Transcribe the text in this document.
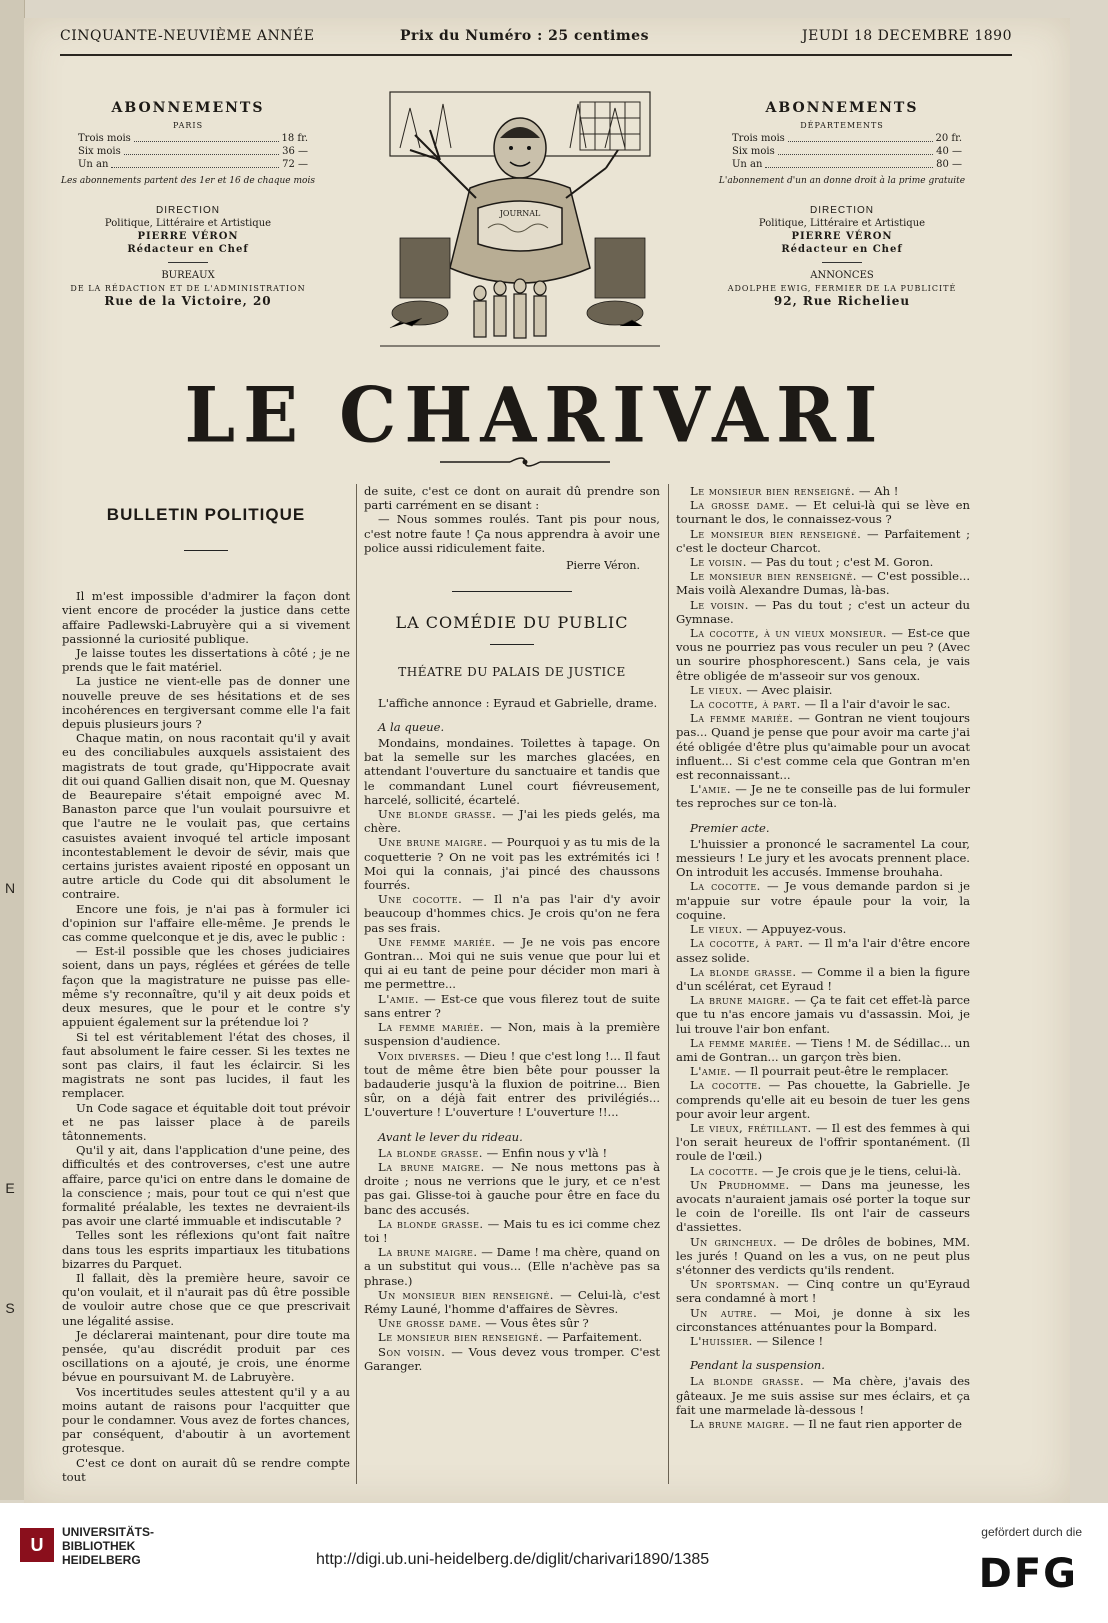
N
E
S
CINQUANTE-NEUVIÈME ANNÉE	Prix du Numéro : 25 centimes	JEUDI 18 DECEMBRE 1890
ABONNEMENTS
PARIS
Trois mois	18 fr.
Six mois	36 —
Un an	72 —
Les abonnements partent des 1er et 16 de chaque mois
DIRECTION
Politique, Littéraire et Artistique
PIERRE VÉRON
Rédacteur en Chef
BUREAUX
DE LA RÉDACTION ET DE L'ADMINISTRATION
Rue de la Victoire, 20
ABONNEMENTS
DÉPARTEMENTS
Trois mois	20 fr.
Six mois	40 —
Un an	80 —
L'abonnement d'un an donne droit à la prime gratuite
DIRECTION
Politique, Littéraire et Artistique
PIERRE VÉRON
Rédacteur en Chef
ANNONCES
ADOLPHE EWIG, FERMIER DE LA PUBLICITÉ
92, Rue Richelieu
JOURNAL
LE CHARIVARI
BULLETIN POLITIQUE

Il m'est impossible d'admirer la façon dont vient encore de procéder la justice dans cette affaire Padlewski-Labruyère qui a si vivement passionné la curiosité publique.

Je laisse toutes les dissertations à côté ; je ne prends que le fait matériel.

La justice ne vient-elle pas de donner une nouvelle preuve de ses hésitations et de ses incohérences en tergiversant comme elle l'a fait depuis plusieurs jours ?

Chaque matin, on nous racontait qu'il y avait eu des conciliabules auxquels assistaient des magistrats de tout grade, qu'Hippocrate avait dit oui quand Gallien disait non, que M. Quesnay de Beaurepaire s'était empoigné avec M. Banaston parce que l'un voulait poursuivre et que l'autre ne le voulait pas, que certains casuistes avaient invoqué tel article imposant incontestablement le devoir de sévir, mais que certains juristes avaient riposté en opposant un autre article du Code qui dit absolument le contraire.

Encore une fois, je n'ai pas à formuler ici d'opinion sur l'affaire elle-même. Je prends le cas comme quelconque et je dis, avec le public :

— Est-il possible que les choses judiciaires soient, dans un pays, réglées et gérées de telle façon que la magistrature ne puisse pas elle-même s'y reconnaître, qu'il y ait deux poids et deux mesures, que le pour et le contre s'y appuient également sur la prétendue loi ?

Si tel est véritablement l'état des choses, il faut absolument le faire cesser. Si les textes ne sont pas clairs, il faut les éclaircir. Si les magistrats ne sont pas lucides, il faut les remplacer.

Un Code sagace et équitable doit tout prévoir et ne pas laisser place à de pareils tâtonnements.

Qu'il y ait, dans l'application d'une peine, des difficultés et des controverses, c'est une autre affaire, parce qu'ici on entre dans le domaine de la conscience ; mais, pour tout ce qui n'est que formalité préalable, les textes ne devraient-ils pas avoir une clarté immuable et indiscutable ?

Telles sont les réflexions qu'ont fait naître dans tous les esprits impartiaux les titubations bizarres du Parquet.

Il fallait, dès la première heure, savoir ce qu'on voulait, et il n'aurait pas dû être possible de vouloir autre chose que ce que prescrivait une légalité assise.

Je déclarerai maintenant, pour dire toute ma pensée, qu'au discrédit produit par ces oscillations on a ajouté, je crois, une énorme bévue en poursuivant M. de Labruyère.

Vos incertitudes seules attestent qu'il y a au moins autant de raisons pour l'acquitter que pour le condamner. Vous avez de fortes chances, par conséquent, d'aboutir à un avortement grotesque.

C'est ce dont on aurait dû se rendre compte tout

de suite, c'est ce dont on aurait dû prendre son parti carrément en se disant :

— Nous sommes roulés. Tant pis pour nous, c'est notre faute ! Ça nous apprendra à avoir une police aussi ridiculement faite.

Pierre Véron.
LA COMÉDIE DU PUBLIC
THÉATRE DU PALAIS DE JUSTICE

L'affiche annonce : Eyraud et Gabrielle, drame.

A la queue.

Mondains, mondaines. Toilettes à tapage. On bat la semelle sur les marches glacées, en attendant l'ouverture du sanctuaire et tandis que le commandant Lunel court fiévreusement, harcelé, sollicité, écartelé.

Une blonde grasse. — J'ai les pieds gelés, ma chère.

Une brune maigre. — Pourquoi y as tu mis de la coquetterie ? On ne voit pas les extrémités ici ! Moi qui la connais, j'ai pincé des chaussons fourrés.

Une cocotte. — Il n'a pas l'air d'y avoir beaucoup d'hommes chics. Je crois qu'on ne fera pas ses frais.

Une femme mariée. — Je ne vois pas encore Gontran... Moi qui ne suis venue que pour lui et qui ai eu tant de peine pour décider mon mari à me permettre...

L'amie. — Est-ce que vous filerez tout de suite sans entrer ?

La femme mariée. — Non, mais à la première suspension d'audience.

Voix diverses. — Dieu ! que c'est long !... Il faut tout de même être bien bête pour pousser la badauderie jusqu'à la fluxion de poitrine... Bien sûr, on a déjà fait entrer des privilégiés... L'ouverture ! L'ouverture ! L'ouverture !!...

Avant le lever du rideau.

La blonde grasse. — Enfin nous y v'là !

La brune maigre. — Ne nous mettons pas à droite ; nous ne verrions que le jury, et ce n'est pas gai. Glisse-toi à gauche pour être en face du banc des accusés.

La blonde grasse. — Mais tu es ici comme chez toi !

La brune maigre. — Dame ! ma chère, quand on a un substitut qui vous... (Elle n'achève pas sa phrase.)

Un monsieur bien renseigné. — Celui-là, c'est Rémy Launé, l'homme d'affaires de Sèvres.

Une grosse dame. — Vous êtes sûr ?

Le monsieur bien renseigné. — Parfaitement.

Son voisin. — Vous devez vous tromper. C'est Garanger.

Le monsieur bien renseigné. — Ah !

La grosse dame. — Et celui-là qui se lève en tournant le dos, le connaissez-vous ?

Le monsieur bien renseigné. — Parfaitement ; c'est le docteur Charcot.

Le voisin. — Pas du tout ; c'est M. Goron.

Le monsieur bien renseigné. — C'est possible... Mais voilà Alexandre Dumas, là-bas.

Le voisin. — Pas du tout ; c'est un acteur du Gymnase.

La cocotte, à un vieux monsieur. — Est-ce que vous ne pourriez pas vous reculer un peu ? (Avec un sourire phosphorescent.) Sans cela, je vais être obligée de m'asseoir sur vos genoux.

Le vieux. — Avec plaisir.

La cocotte, à part. — Il a l'air d'avoir le sac.

La femme mariée. — Gontran ne vient toujours pas... Quand je pense que pour avoir ma carte j'ai été obligée d'être plus qu'aimable pour un avocat influent... Si c'est comme cela que Gontran m'en est reconnaissant...

L'amie. — Je ne te conseille pas de lui formuler tes reproches sur ce ton-là.

Premier acte.

L'huissier a prononcé le sacramentel La cour, messieurs ! Le jury et les avocats prennent place. On introduit les accusés. Immense brouhaha.

La cocotte. — Je vous demande pardon si je m'appuie sur votre épaule pour la voir, la coquine.

Le vieux. — Appuyez-vous.

La cocotte, à part. — Il m'a l'air d'être encore assez solide.

La blonde grasse. — Comme il a bien la figure d'un scélérat, cet Eyraud !

La brune maigre. — Ça te fait cet effet-là parce que tu n'as encore jamais vu d'assassin. Moi, je lui trouve l'air bon enfant.

La femme mariée. — Tiens ! M. de Sédillac... un ami de Gontran... un garçon très bien.

L'amie. — Il pourrait peut-être le remplacer.

La cocotte. — Pas chouette, la Gabrielle. Je comprends qu'elle ait eu besoin de tuer les gens pour avoir leur argent.

Le vieux, frétillant. — Il est des femmes à qui l'on serait heureux de l'offrir spontanément. (Il roule de l'œil.)

La cocotte. — Je crois que je le tiens, celui-là.

Un Prudhomme. — Dans ma jeunesse, les avocats n'auraient jamais osé porter la toque sur le coin de l'oreille. Ils ont l'air de casseurs d'assiettes.

Un grincheux. — De drôles de bobines, MM. les jurés ! Quand on les a vus, on ne peut plus s'étonner des verdicts qu'ils rendent.

Un sportsman. — Cinq contre un qu'Eyraud sera condamné à mort !

Un autre. — Moi, je donne à six les circonstances atténuantes pour la Bompard.

L'huissier. — Silence !

Pendant la suspension.

La blonde grasse. — Ma chère, j'avais des gâteaux. Je me suis assise sur mes éclairs, et ça fait une marmelade là-dessous !

La brune maigre. — Il ne faut rien apporter de

U
UNIVERSITÄTS-
BIBLIOTHEK
HEIDELBERG	http://digi.ub.uni-heidelberg.de/diglit/charivari1890/1385
gefördert durch die
DFG
